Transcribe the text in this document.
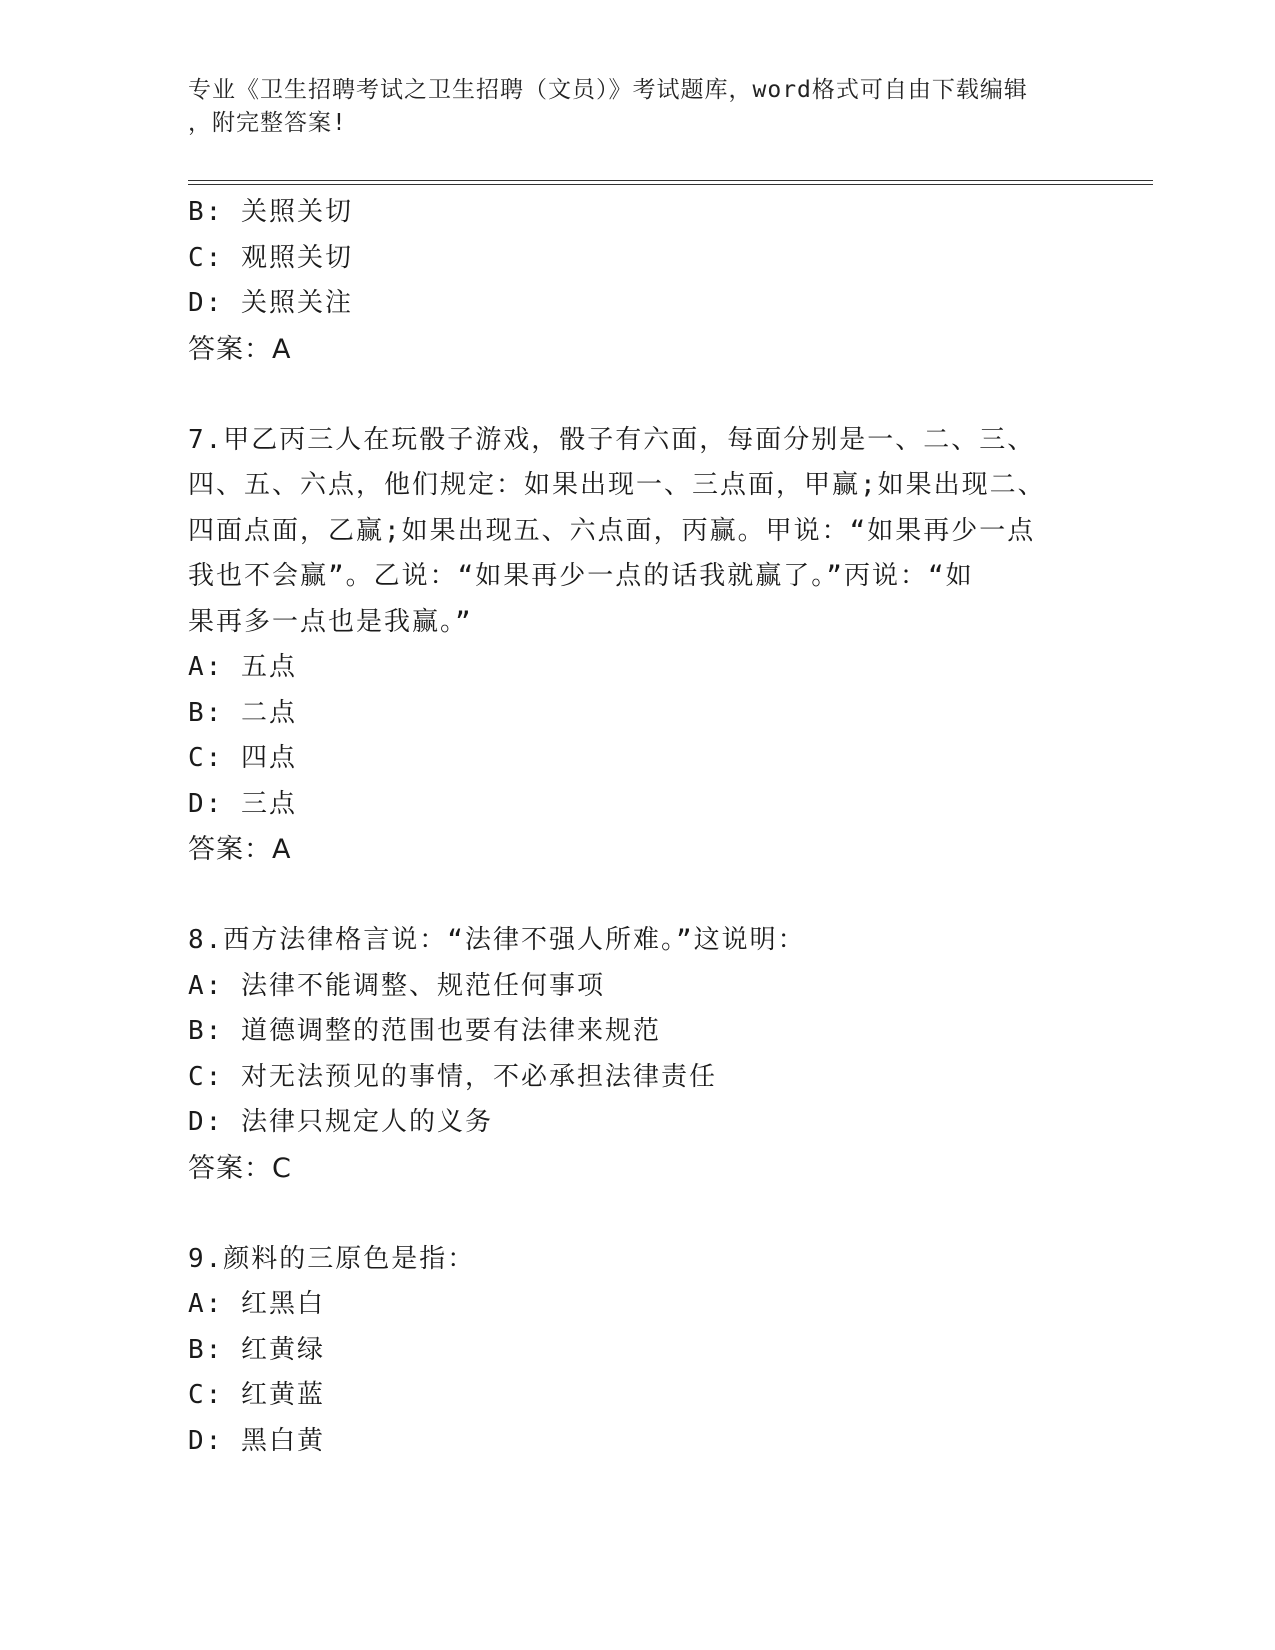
专业《卫生招聘考试之卫生招聘（文员）》考试题库，word格式可自由下载编辑
，附完整答案!
B: 关照关切
C: 观照关切
D: 关照关注
答案：A
7.甲乙丙三人在玩骰子游戏，骰子有六面，每面分别是一、二、三、
四、五、六点，他们规定：如果出现一、三点面，甲赢;如果出现二、
四面点面，乙赢;如果出现五、六点面，丙赢。甲说：“如果再少一点
我也不会赢”。乙说：“如果再少一点的话我就赢了。”丙说：“如
果再多一点也是我赢。”
A: 五点
B: 二点
C: 四点
D: 三点
答案：A
8.西方法律格言说：“法律不强人所难。”这说明：
A: 法律不能调整、规范任何事项
B: 道德调整的范围也要有法律来规范
C: 对无法预见的事情，不必承担法律责任
D: 法律只规定人的义务
答案：C
9.颜料的三原色是指：
A: 红黑白
B: 红黄绿
C: 红黄蓝
D: 黑白黄
